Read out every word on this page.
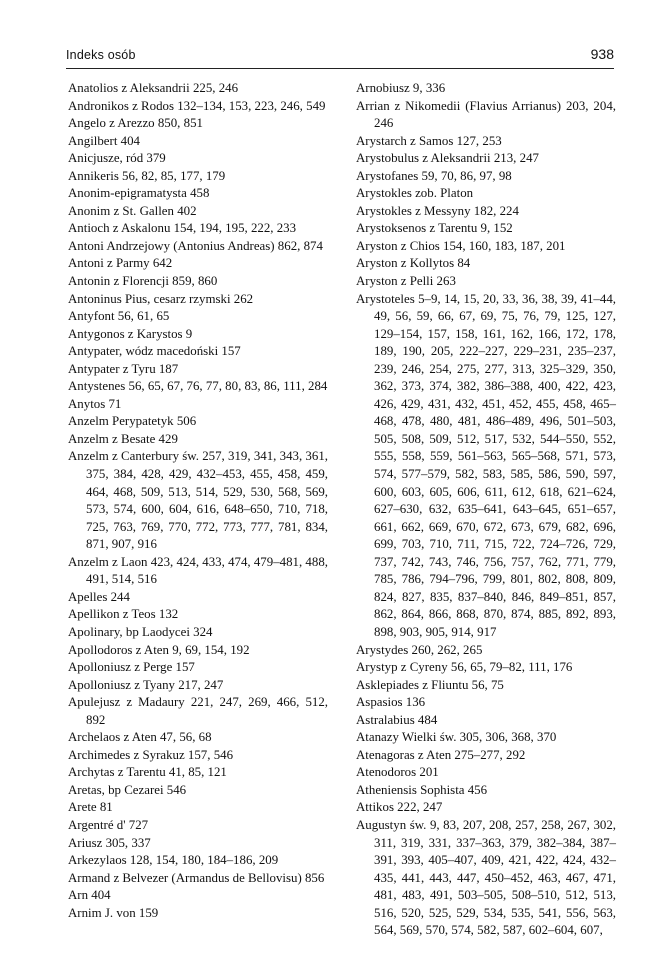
Indeks osób	938

Anatolios z Aleksandrii 225, 246

Andronikos z Rodos 132–134, 153, 223, 246, 549

Angelo z Arezzo 850, 851

Angilbert 404

Anicjusze, ród 379

Annikeris 56, 82, 85, 177, 179

Anonim-epigramatysta 458

Anonim z St. Gallen 402

Antioch z Askalonu 154, 194, 195, 222, 233

Antoni Andrzejowy (Antonius Andreas) 862, 874

Antoni z Parmy 642

Antonin z Florencji 859, 860

Antoninus Pius, cesarz rzymski 262

Antyfont 56, 61, 65

Antygonos z Karystos 9

Antypater, wódz macedoński 157

Antypater z Tyru 187

Antystenes 56, 65, 67, 76, 77, 80, 83, 86, 111, 284

Anytos 71

Anzelm Perypatetyk 506

Anzelm z Besate 429

Anzelm z Canterbury św. 257, 319, 341, 343, 361, 375, 384, 428, 429, 432–453, 455, 458, 459, 464, 468, 509, 513, 514, 529, 530, 568, 569, 573, 574, 600, 604, 616, 648–650, 710, 718, 725, 763, 769, 770, 772, 773, 777, 781, 834, 871, 907, 916

Anzelm z Laon 423, 424, 433, 474, 479–481, 488, 491, 514, 516

Apelles 244

Apellikon z Teos 132

Apolinary, bp Laodycei 324

Apollodoros z Aten 9, 69, 154, 192

Apolloniusz z Perge 157

Apolloniusz z Tyany 217, 247

Apulejusz z Madaury 221, 247, 269, 466, 512, 892

Archelaos z Aten 47, 56, 68

Archimedes z Syrakuz 157, 546

Archytas z Tarentu 41, 85, 121

Aretas, bp Cezarei 546

Arete 81

Argentré d' 727

Ariusz 305, 337

Arkezylaos 128, 154, 180, 184–186, 209

Armand z Belvezer (Armandus de Bellovisu) 856

Arn 404

Arnim J. von 159

Arnobiusz 9, 336

Arrian z Nikomedii (Flavius Arrianus) 203, 204, 246

Arystarch z Samos 127, 253

Arystobulus z Aleksandrii 213, 247

Arystofanes 59, 70, 86, 97, 98

Arystokles zob. Platon

Arystokles z Messyny 182, 224

Arystoksenos z Tarentu 9, 152

Aryston z Chios 154, 160, 183, 187, 201

Aryston z Kollytos 84

Aryston z Pelli 263

Arystoteles 5–9, 14, 15, 20, 33, 36, 38, 39, 41–44, 49, 56, 59, 66, 67, 69, 75, 76, 79, 125, 127, 129–154, 157, 158, 161, 162, 166, 172, 178, 189, 190, 205, 222–227, 229–231, 235–237, 239, 246, 254, 275, 277, 313, 325–329, 350, 362, 373, 374, 382, 386–388, 400, 422, 423, 426, 429, 431, 432, 451, 452, 455, 458, 465–468, 478, 480, 481, 486–489, 496, 501–503, 505, 508, 509, 512, 517, 532, 544–550, 552, 555, 558, 559, 561–563, 565–568, 571, 573, 574, 577–579, 582, 583, 585, 586, 590, 597, 600, 603, 605, 606, 611, 612, 618, 621–624, 627–630, 632, 635–641, 643–645, 651–657, 661, 662, 669, 670, 672, 673, 679, 682, 696, 699, 703, 710, 711, 715, 722, 724–726, 729, 737, 742, 743, 746, 756, 757, 762, 771, 779, 785, 786, 794–796, 799, 801, 802, 808, 809, 824, 827, 835, 837–840, 846, 849–851, 857, 862, 864, 866, 868, 870, 874, 885, 892, 893, 898, 903, 905, 914, 917

Arystydes 260, 262, 265

Arystyp z Cyreny 56, 65, 79–82, 111, 176

Asklepiades z Fliuntu 56, 75

Aspasios 136

Astralabius 484

Atanazy Wielki św. 305, 306, 368, 370

Atenagoras z Aten 275–277, 292

Atenodoros 201

Atheniensis Sophista 456

Attikos 222, 247

Augustyn św. 9, 83, 207, 208, 257, 258, 267, 302, 311, 319, 331, 337–363, 379, 382–384, 387–391, 393, 405–407, 409, 421, 422, 424, 432–435, 441, 443, 447, 450–452, 463, 467, 471, 481, 483, 491, 503–505, 508–510, 512, 513, 516, 520, 525, 529, 534, 535, 541, 556, 563, 564, 569, 570, 574, 582, 587, 602–604, 607,
